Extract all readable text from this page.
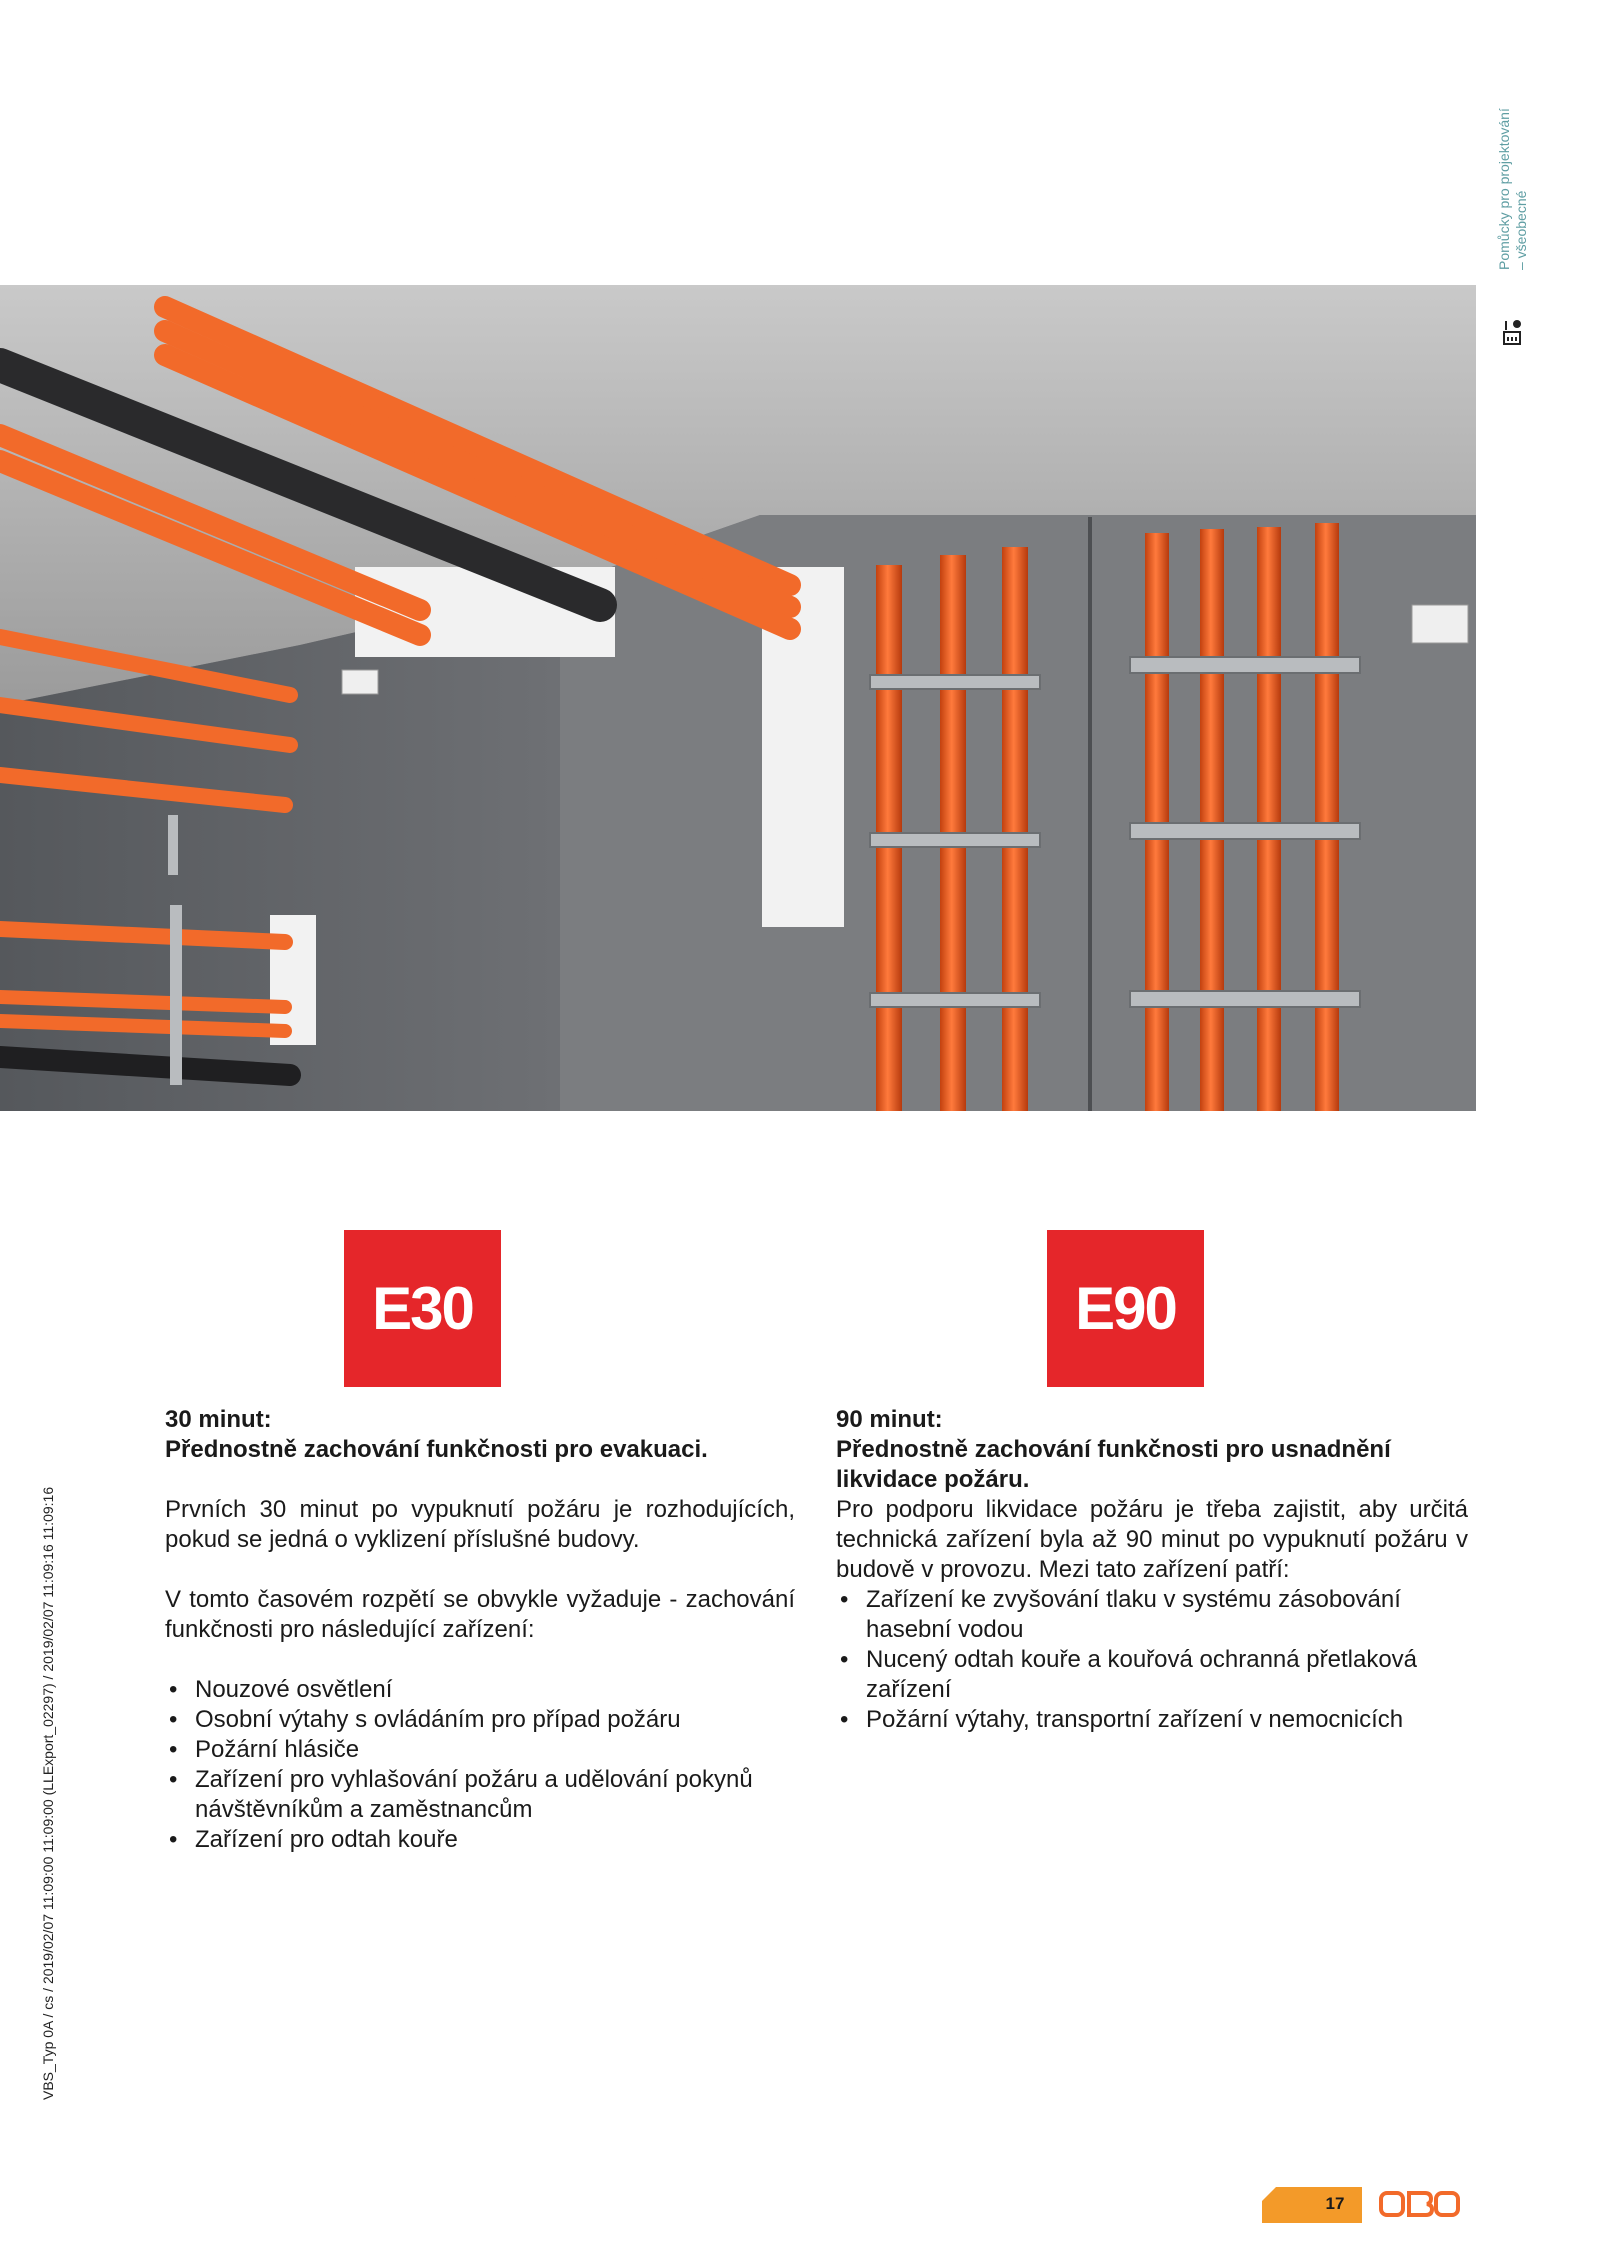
Pomůcky pro projektování – všeobecné
E30	E90
30 minut:
Přednostně zachování funkčnosti pro evakuaci.

Prvních 30 minut po vypuknutí požáru je rozhodujících, pokud se jedná o vyklizení příslušné budovy.

V tomto časovém rozpětí se obvykle vyžaduje - zachování funkčnosti pro následující zařízení:

• Nouzové osvětlení
• Osobní výtahy s ovládáním pro případ požáru
• Požární hlásiče
• Zařízení pro vyhlašování požáru a udělování pokynů návštěvníkům a zaměstnancům
• Zařízení pro odtah kouře
90 minut:
Přednostně zachování funkčnosti pro usnadnění likvidace požáru.

Pro podporu likvidace požáru je třeba zajistit, aby určitá technická zařízení byla až 90 minut po vypuknutí požáru v budově v provozu. Mezi tato zařízení patří:

• Zařízení ke zvyšování tlaku v systému zásobování hasební vodou
• Nucený odtah kouře a kouřová ochranná přetlaková zařízení
• Požární výtahy, transportní zařízení v nemocnicích
VBS_Typ 0A / cs / 2019/02/07 11:09:00 11:09:00 (LLExport_02297) / 2019/02/07 11:09:16 11:09:16
17
